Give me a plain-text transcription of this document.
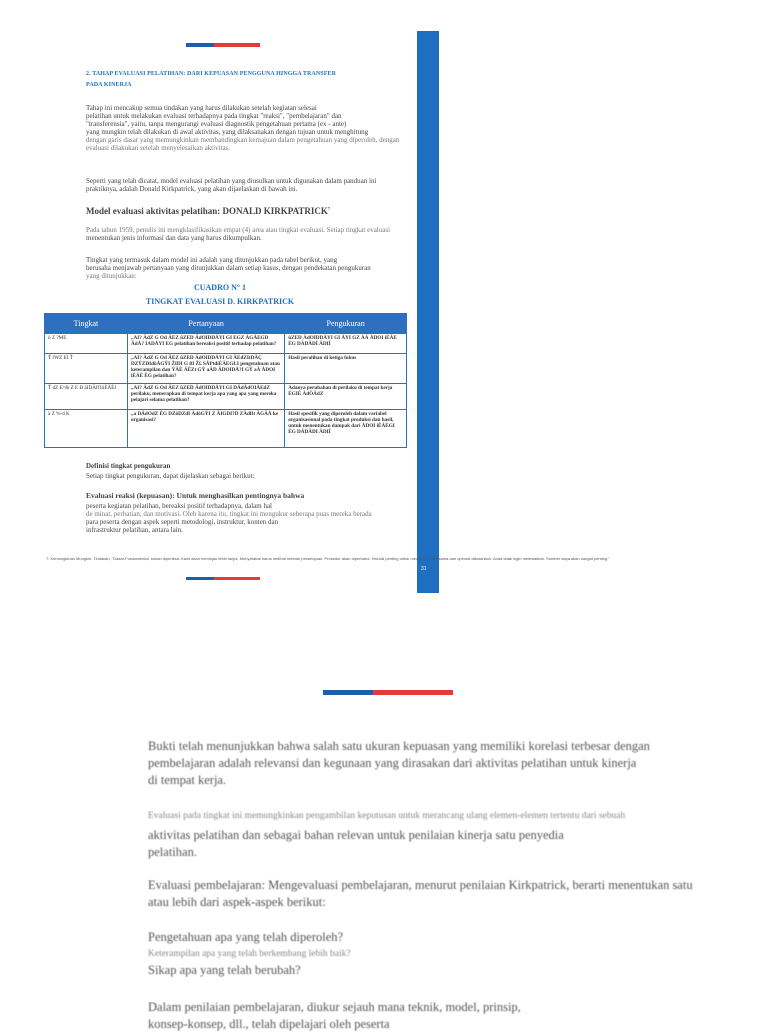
31
2. TAHAP EVALUASI PELATIHAN: DARI KEPUASAN PENGGUNA HINGGA TRANSFER
PADA KINERJA
Tahap ini mencakup semua tindakan yang harus dilakukan setelah kegiatan selesai
pelatihan untuk melakukan evaluasi terhadapnya pada tingkat "reaksi", "pembelajaran" dan
"transferensia", yaitu, tanpa mengurangi evaluasi diagnostik pengetahuan pertama (ex - ante)
yang mungkin telah dilakukan di awal aktivitas, yang dilaksanakan dengan tujuan untuk menghitung
dengan garis dasar yang memungkinkan membandingkan kemajuan dalam pengetahuan yang diperoleh, dengan
evaluasi dilakukan setelah menyelesaikan aktivitas.
Seperti yang telah dicatat, model evaluasi pelatihan yang diusulkan untuk digunakan dalam panduan ini
praktiknya, adalah Donald Kirkpatrick, yang akan dijaelaskan di bawah ini.
Model evaluasi aktivitas pelatihan: DONALD KIRKPATRICK$^7$
Pada tahun 1959, penulis ini mengklasifikasikan empat (4) area atau tingkat evaluasi. Setiap tingkat evaluasi
menentukan jenis informasi dan data yang harus dikumpulkan.
Tingkat yang termasuk dalam model ini adalah yang ditunjukkan pada tabel berikut, yang
berusaha menjawab pertanyaan yang ditunjukkan dalam setiap kasus, dengan pendekatan pengukuran
yang ditunjukkan:
CUADRO N° 1
TINGKAT EVALUASI D. KIRKPATRICK
Tingkat	Pertanyaan	Pengukuran
ô Z ?ME	„AI? ÄdZ G Od ÄEZ ûZED ÄdOIDDÅYI GI EGZ ÄGÅEGD ÄdÅ? IADÅYI EG pelatihan bereaksi positif terhadap pelatihan?	ûZED ÄdOIDDÅYI GI ÅYI GZ ÀÄ ÅDOI iÈÄE ÈG DÄDÄDÏ ÄDIÏ
Ť ŕWZ EI Ť	„AI? ÄdZ G Od ÄEZ ûZED ÄdOIDDÅYI GI ÄEdZItDÄÇ DZÝZDIdöÅGÝI ŽIDI G ßI Ž£ SÄPtdiÈÄEGŁI pengetahuan atau keterampilan dan ÝÄÈ ÄÈZt GÝ aÄD ÄDOIDÅ?I GÝ aÄ ÅDOI iÈÄÈ ÈG pelatihan?	Hasil peralihan di ketiga fokus
Ť dZ E^& Z E Ð äIDÄfOiiÈÄÈJ	„AI? ÄdZ G Od ÄEZ ûZED ÄdOIDDÅYI GI DÄdÄdOIÅEdZ perilaku, menerapkan di tempat kerja apa yang apa yang mereka pelajari selama pelatihan?	Adanya perubahan di perilaku di tempat kerja ÈGIÈ ÄdÖÄdZ
ä Z %-d K	„a DÄdOdZ ÈG DZöDZdI ÄdöGÝI Z ÄIGDI?D ZÄdlIt ÄGÄÅ ke organisasi?	Hasil spesifik yang diperoleh dalam variabel organisasional pada tingkat produksi dan hasil, untuk menentukan dampak dari ÅDOI iÈÄÈGI ÈG DÄDÄDI ÄDIÏ
Definisi tingkat pengukuran
Setiap tingkat pengukuran, dapat dijelaskan sebagai berikut:
Evaluasi reaksi (kepuasan): Untuk menghasilkan pentingnya bahwa
peserta kegiatan pelatihan, bereaksi positif terhadapnya, dalam hal
de minat, perhatian, dan motivasi. Oleh karena itu, tingkat ini mengukur seberapa puas mereka berada
para peserta dengan aspek seperti metodologi, instruktur, konten dan
infrastruktur pelatihan, antara lain.
7. Kemungkinan Mungkin: Tindakan, "Dasar-Fundamental, bukan diperiksa. Kami akan meninjau lebih lanjut. Menyarakat harus melihat metode persetujuan. Prosedur akan diperbarui. Hal-hal penting untuk mencatat: Kerjasama dan operasi disarankan. Anda tidak ingin melewatkan. Sumber daya akan sangat penting."
Bukti telah menunjukkan bahwa salah satu ukuran kepuasan yang memiliki korelasi terbesar dengan
pembelajaran adalah relevansi dan kegunaan yang dirasakan dari aktivitas pelatihan untuk kinerja
di tempat kerja.
Evaluasi pada tingkat ini memungkinkan pengambilan keputusan untuk merancang ulang elemen-elemen tertentu dari sebuah
aktivitas pelatihan dan sebagai bahan relevan untuk penilaian kinerja satu penyedia
pelatihan.
Evaluasi pembelajaran: Mengevaluasi pembelajaran, menurut penilaian Kirkpatrick, berarti menentukan satu
atau lebih dari aspek-aspek berikut:
Pengetahuan apa yang telah diperoleh?
Keterampilan apa yang telah berkembang lebih baik?
Sikap apa yang telah berubah?
Dalam penilaian pembelajaran, diukur sejauh mana teknik, model, prinsip,
konsep-konsep, dll., telah dipelajari oleh peserta
